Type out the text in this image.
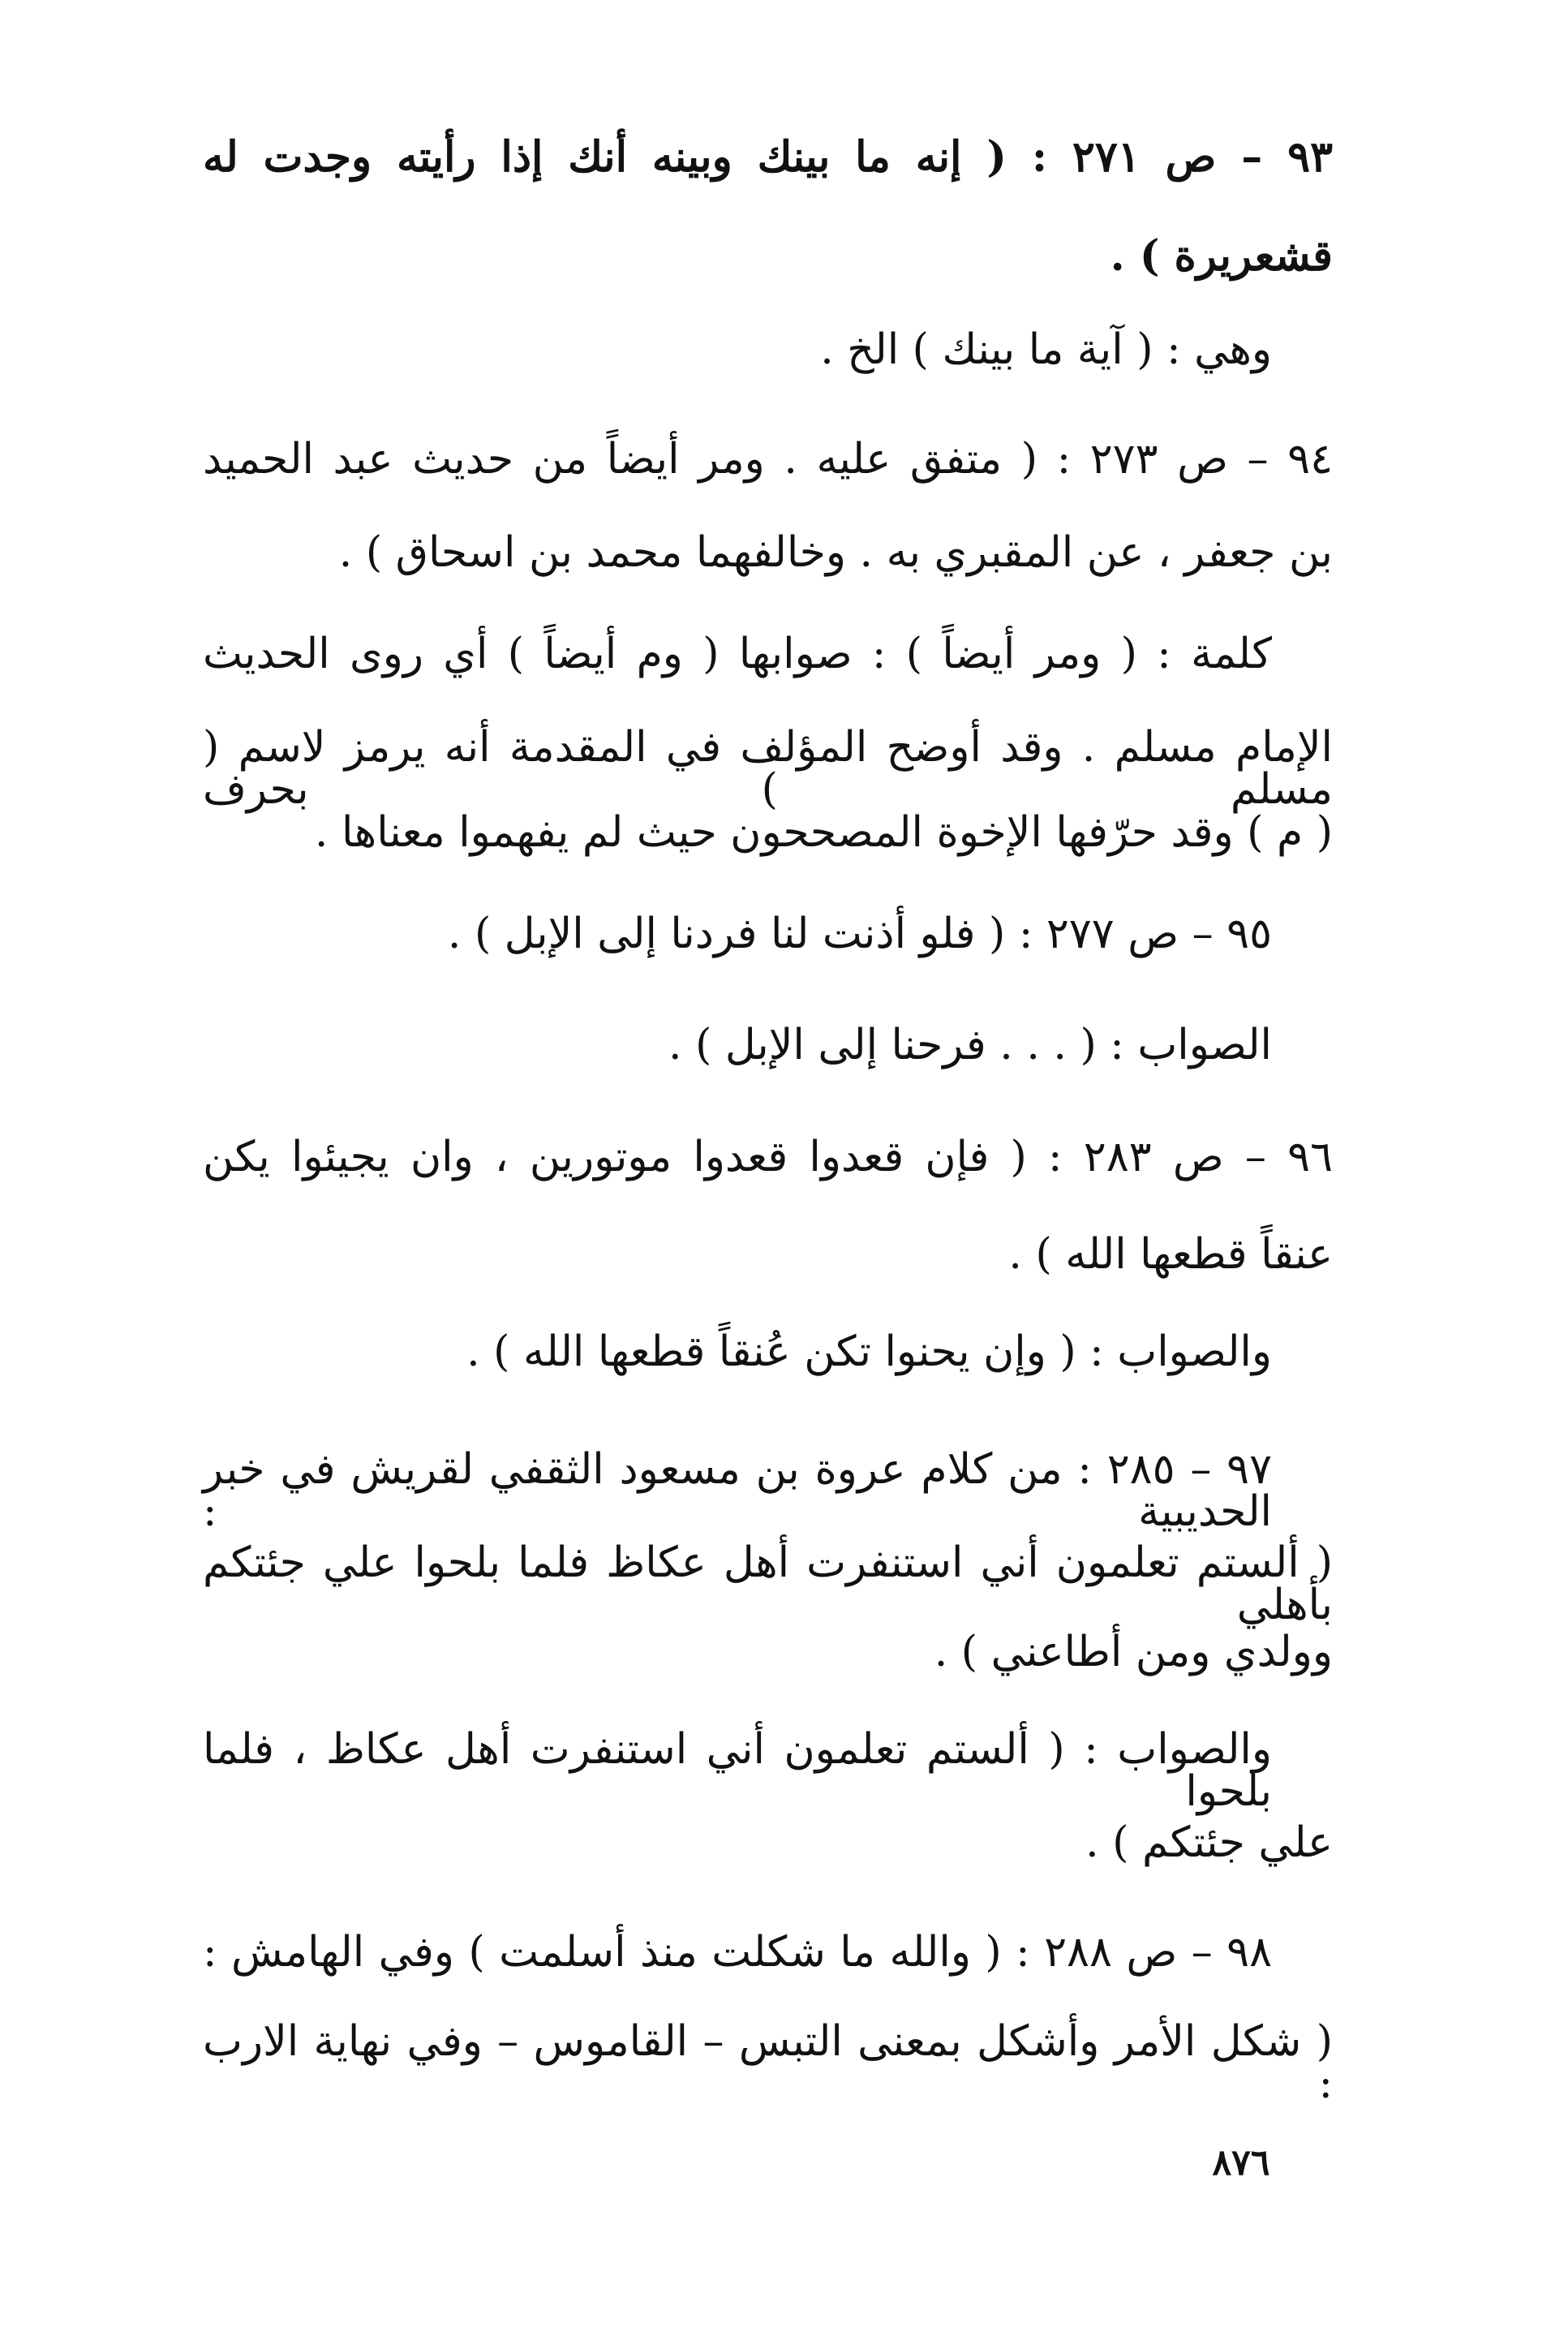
٩٣ – ص ٢٧١ : ( إنه ما بينك وبينه أنك إذا رأيته وجدت له
قشعريرة ) .
وهي : ( آية ما بينك ) الخ .
٩٤ – ص ٢٧٣ : ( متفق عليه . ومر أيضاً من حديث عبد الحميد
بن جعفر ، عن المقبري به . وخالفهما محمد بن اسحاق ) .
كلمة : ( ومر أيضاً ) : صوابها ( وم أيضاً ) أي روى الحديث
الإمام مسلم . وقد أوضح المؤلف في المقدمة أنه يرمز لاسم ( مسلم ) بحرف
( م ) وقد حرّفها الإخوة المصححون حيث لم يفهموا معناها .
٩٥ – ص ٢٧٧ : ( فلو أذنت لنا فردنا إلى الإبل ) .
الصواب : ( . . . فرحنا إلى الإبل ) .
٩٦ – ص ٢٨٣ : ( فإن قعدوا قعدوا موتورين ، وان يجيئوا يكن
عنقاً قطعها الله ) .
والصواب : ( وإن يحنوا تكن عُنقاً قطعها الله ) .
٩٧ – ٢٨٥ : من كلام عروة بن مسعود الثقفي لقريش في خبر الحديبية :
( ألستم تعلمون أني استنفرت أهل عكاظ فلما بلحوا علي جئتكم بأهلي
وولدي ومن أطاعني ) .
والصواب : ( ألستم تعلمون أني استنفرت أهل عكاظ ، فلما بلحوا
علي جئتكم ) .
٩٨ – ص ٢٨٨ : ( والله ما شكلت منذ أسلمت ) وفي الهامش :
( شكل الأمر وأشكل بمعنى التبس – القاموس – وفي نهاية الارب :
٨٧٦
